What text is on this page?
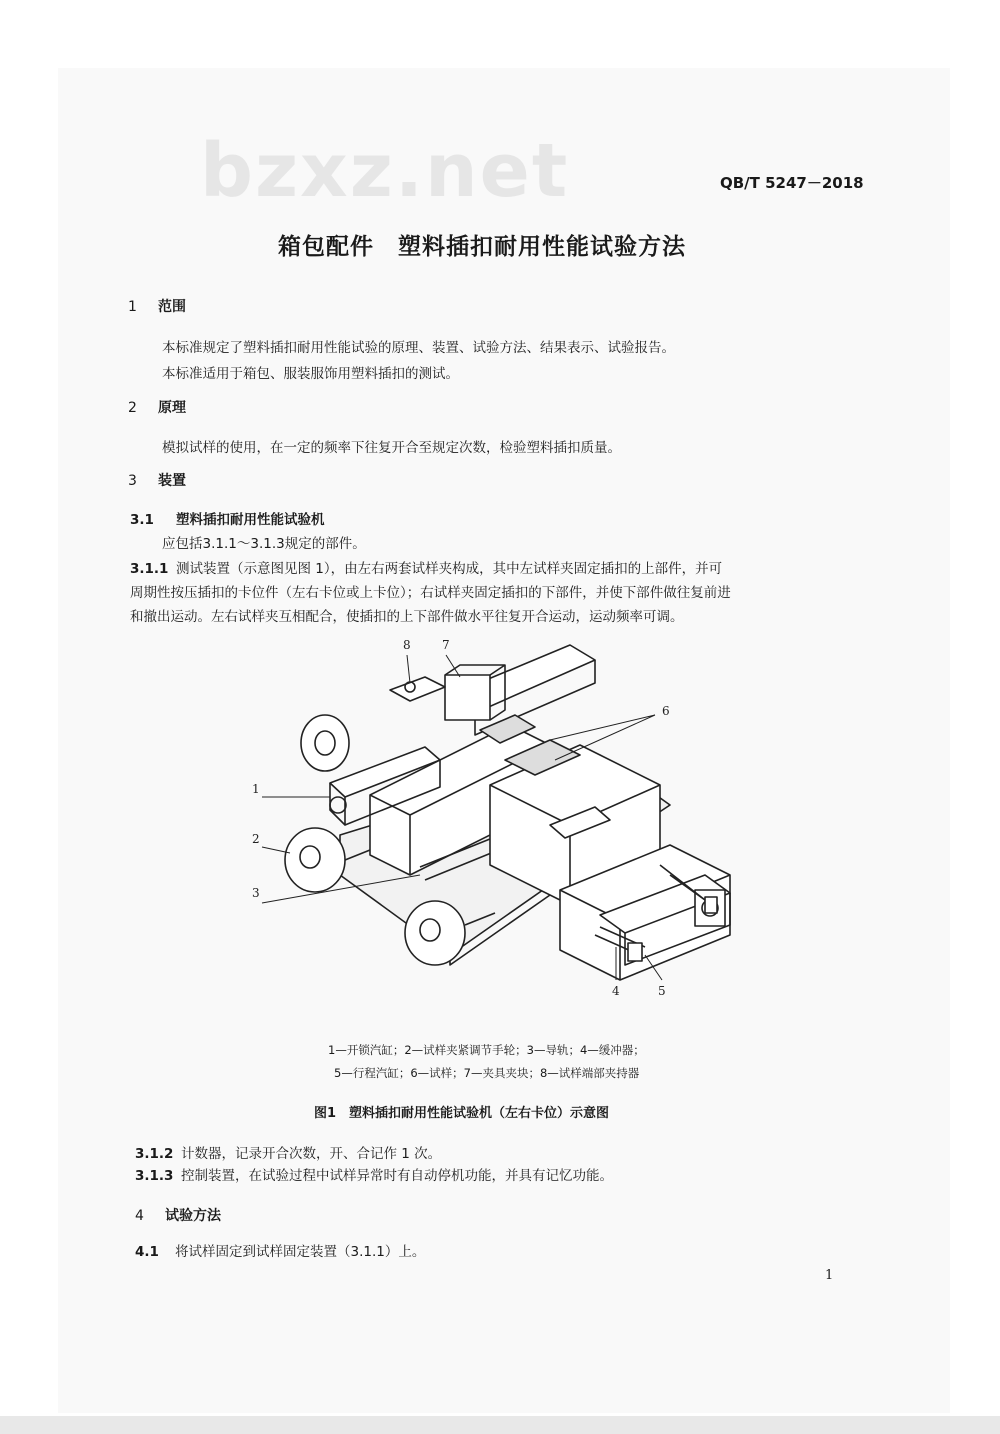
bzxz.net	QB/T 5247－2018
箱包配件　塑料插扣耐用性能试验方法
1 范围
本标准规定了塑料插扣耐用性能试验的原理、装置、试验方法、结果表示、试验报告。
本标准适用于箱包、服装服饰用塑料插扣的测试。
2 原理
模拟试样的使用，在一定的频率下往复开合至规定次数，检验塑料插扣质量。
3 装置
3.1 塑料插扣耐用性能试验机
应包括3.1.1～3.1.3规定的部件。
3.1.1 测试装置（示意图见图 1），由左右两套试样夹构成，其中左试样夹固定插扣的上部件，并可
周期性按压插扣的卡位件（左右卡位或上卡位）；右试样夹固定插扣的下部件，并使下部件做往复前进
和撤出运动。左右试样夹互相配合，使插扣的上下部件做水平往复开合运动，运动频率可调。
1
2
3
4	5
6
7
8
1—开锁汽缸；2—试样夹紧调节手轮；3—导轨；4—缓冲器；
5—行程汽缸；6—试样；7—夹具夹块；8—试样端部夹持器
图1　塑料插扣耐用性能试验机（左右卡位）示意图
3.1.2 计数器，记录开合次数，开、合记作 1 次。
3.1.3 控制装置，在试验过程中试样异常时有自动停机功能，并具有记忆功能。
4 试验方法
4.1 将试样固定到试样固定装置（3.1.1）上。
1
